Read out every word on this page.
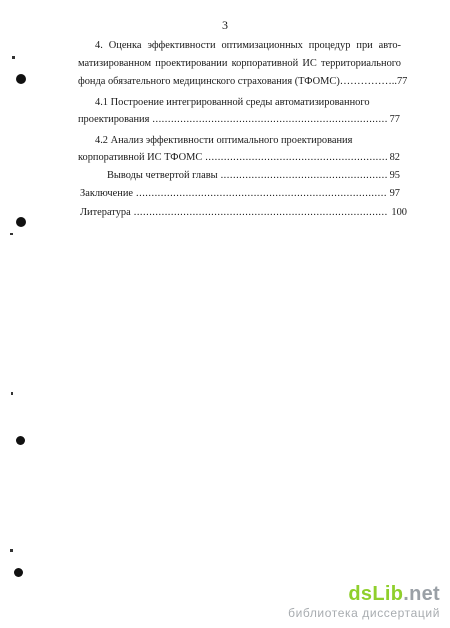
3
4. Оценка эффективности оптимизационных процедур при авто-
матизированном проектировании корпоративной ИС территориального
фонда обязательного медицинского страхования (ТФОМС)……………..77
4.1 Построение интегрированной среды автоматизированного
проектирования .....	77
4.2 Анализ эффективности оптимального проектирования
корпоративной ИС ТФОМС .....	82
Выводы четвертой главы .....	95
Заключение .....	97
Литература .....	100
dsLib.net
библиотека диссертаций
